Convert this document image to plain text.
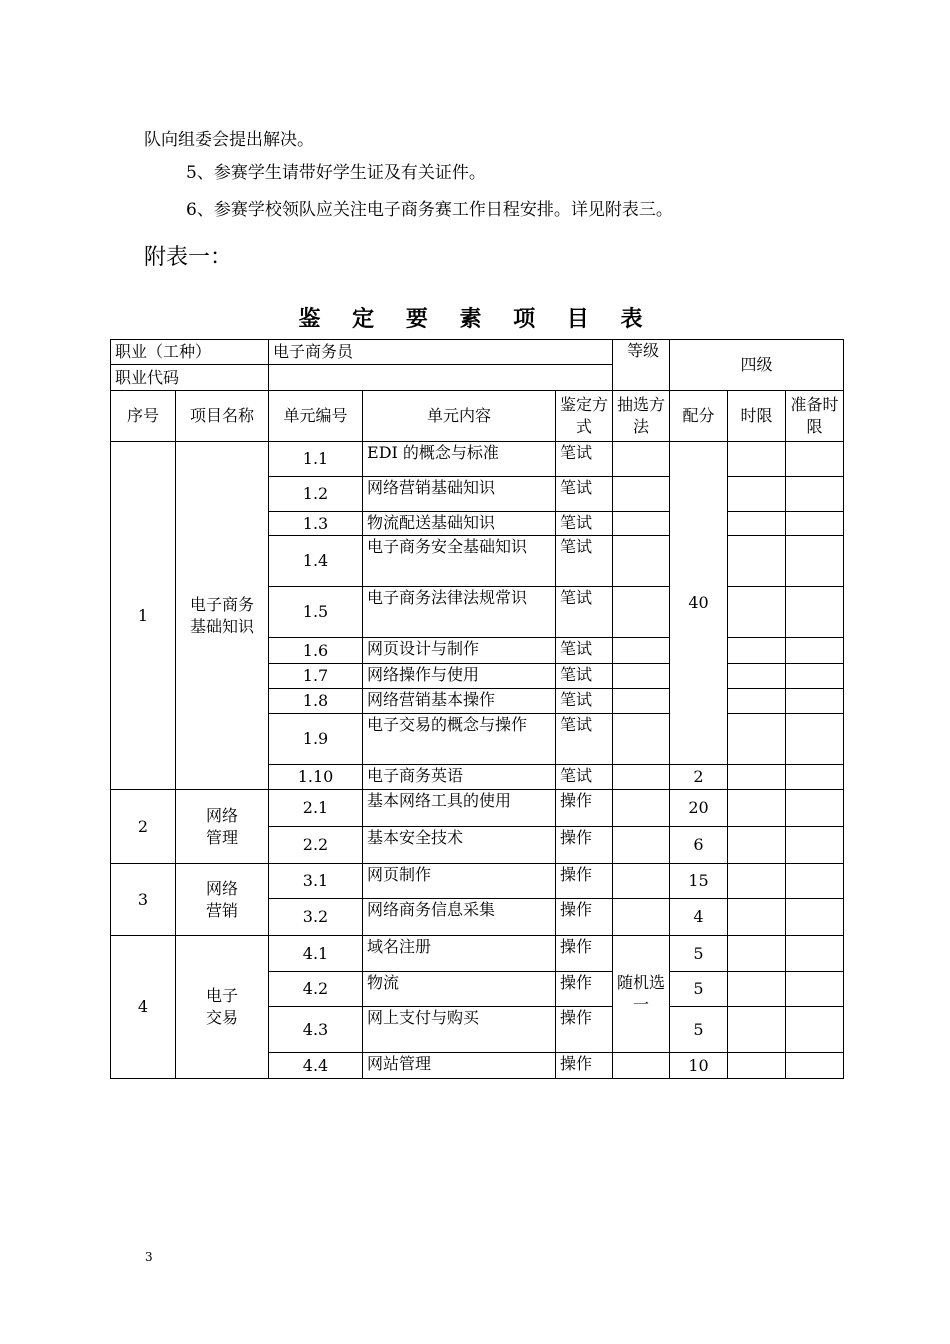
队向组委会提出解决。
5、参赛学生请带好学生证及有关证件。
6、参赛学校领队应关注电子商务赛工作日程安排。详见附表三。
附表一：
鉴 定 要 素 项 目 表
职业（工种）		电子商务员			等级	四级		
职业代码								
序号	项目名称	单元编号	单元内容	鉴定方式	抽选方法	配分	时限	准备时限
1	电子商务基础知识	1.1	EDI 的概念与标准	笔试		40		
		1.2	网络营销基础知识	笔试				
		1.3	物流配送基础知识	笔试				
		1.4	电子商务安全基础知识	笔试				
		1.5	电子商务法律法规常识	笔试				
		1.6	网页设计与制作	笔试				
		1.7	网络操作与使用	笔试				
		1.8	网络营销基本操作	笔试				
		1.9	电子交易的概念与操作	笔试				
		1.10	电子商务英语	笔试		2		
2	网络管理	2.1	基本网络工具的使用	操作		20		
		2.2	基本安全技术	操作		6		
3	网络营销	3.1	网页制作	操作		15		
		3.2	网络商务信息采集	操作		4		
4	电子交易	4.1	域名注册	操作	随机选一	5		
		4.2	物流	操作		5		
		4.3	网上支付与购买	操作		5		
		4.4	网站管理	操作		10		
3
